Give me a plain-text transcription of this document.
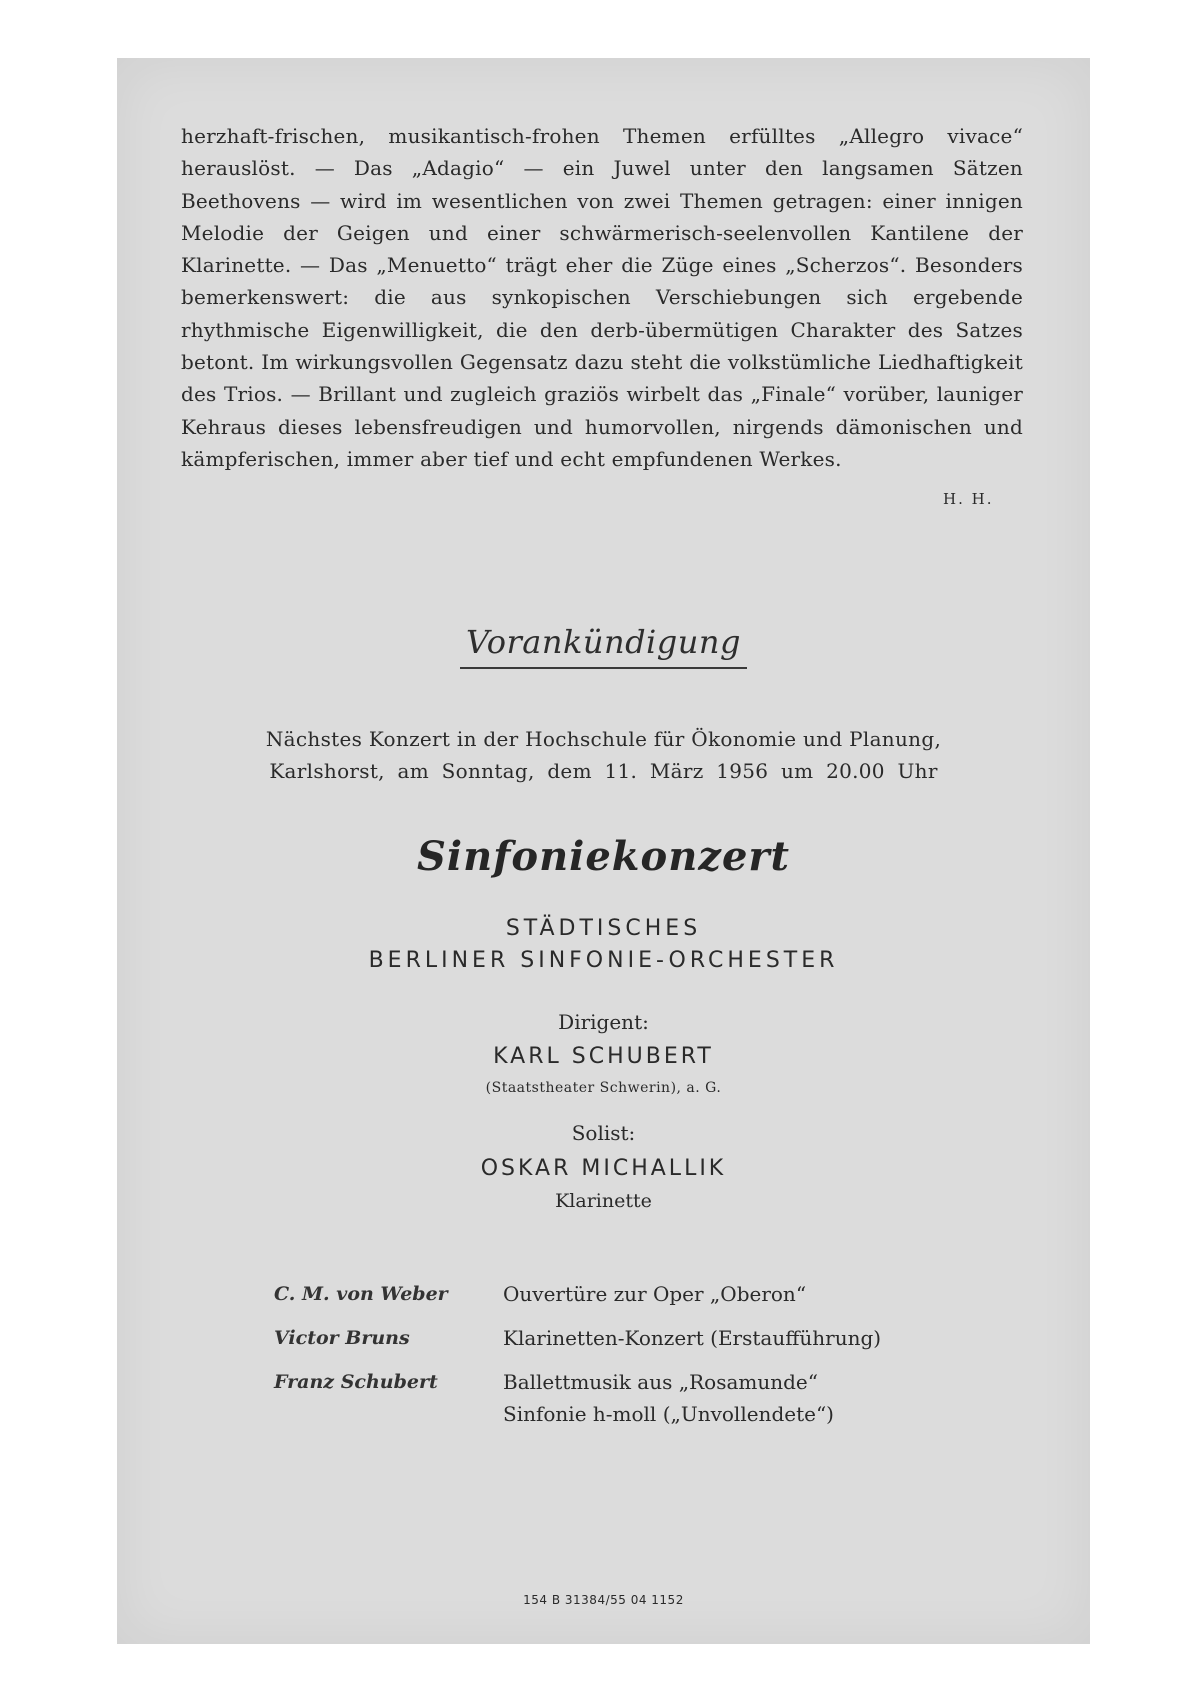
herzhaft-frischen, musikantisch-frohen Themen erfülltes „Allegro vivace“ herauslöst. — Das „Adagio“ — ein Juwel unter den langsamen Sätzen Beethovens — wird im wesentlichen von zwei Themen getragen: einer innigen Melodie der Geigen und einer schwärmerisch-seelenvollen Kantilene der Klarinette. — Das „Menuetto“ trägt eher die Züge eines „Scherzos“. Besonders bemerkenswert: die aus synkopischen Verschiebungen sich ergebende rhythmische Eigenwilligkeit, die den derb-übermütigen Charakter des Satzes betont. Im wirkungsvollen Gegensatz dazu steht die volkstümliche Liedhaftigkeit des Trios. — Brillant und zugleich graziös wirbelt das „Finale“ vorüber, launiger Kehraus dieses lebensfreudigen und humorvollen, nirgends dämonischen und kämpferischen, immer aber tief und echt empfundenen Werkes.

H. H.
Vorankündigung
Nächstes Konzert in der Hochschule für Ökonomie und Planung,
Karlshorst, am Sonntag, dem 11. März 1956 um 20.00 Uhr
Sinfoniekonzert
STÄDTISCHES
BERLINER SINFONIE-ORCHESTER
Dirigent:
KARL SCHUBERT
(Staatstheater Schwerin), a. G.
Solist:
OSKAR MICHALLIK
Klarinette
C. M. von Weber	Ouvertüre zur Oper „Oberon“
Victor Bruns	Klarinetten-Konzert (Erstaufführung)
Franz Schubert	Ballettmusik aus „Rosamunde“
Sinfonie h-moll („Unvollendete“)
154 B 31384/55 04 1152
